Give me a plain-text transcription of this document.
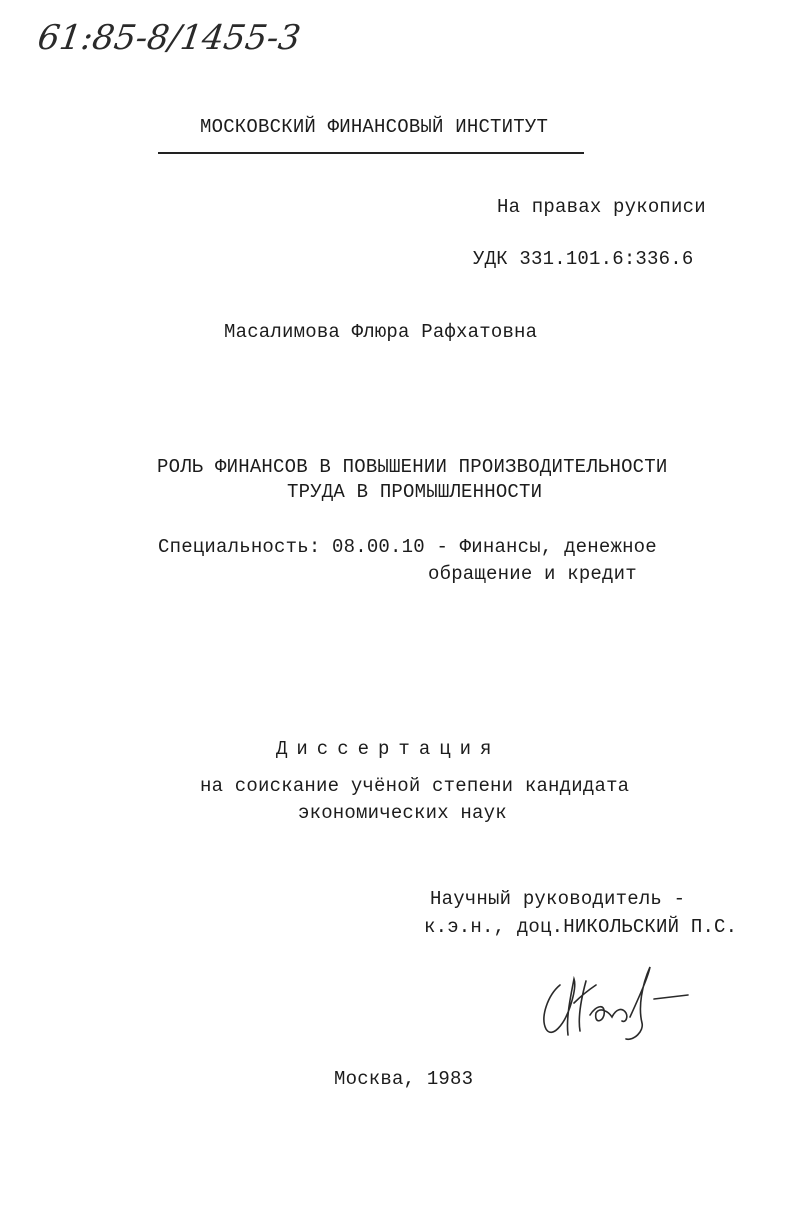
61:85-8/1455-3
МОСКОВСКИЙ ФИНАНСОВЫЙ ИНСТИТУТ
На правах рукописи
УДК 331.101.6:336.6
Масалимова Флюра Рафхатовна
РОЛЬ ФИНАНСОВ В ПОВЫШЕНИИ ПРОИЗВОДИТЕЛЬНОСТИ
ТРУДА В ПРОМЫШЛЕННОСТИ
Специальность: 08.00.10 - Финансы, денежное
обращение и кредит
Диссертация
на соискание учёной степени кандидата
экономических наук
Научный руководитель -
к.э.н., доц.НИКОЛЬСКИЙ П.С.
Москва, 1983
